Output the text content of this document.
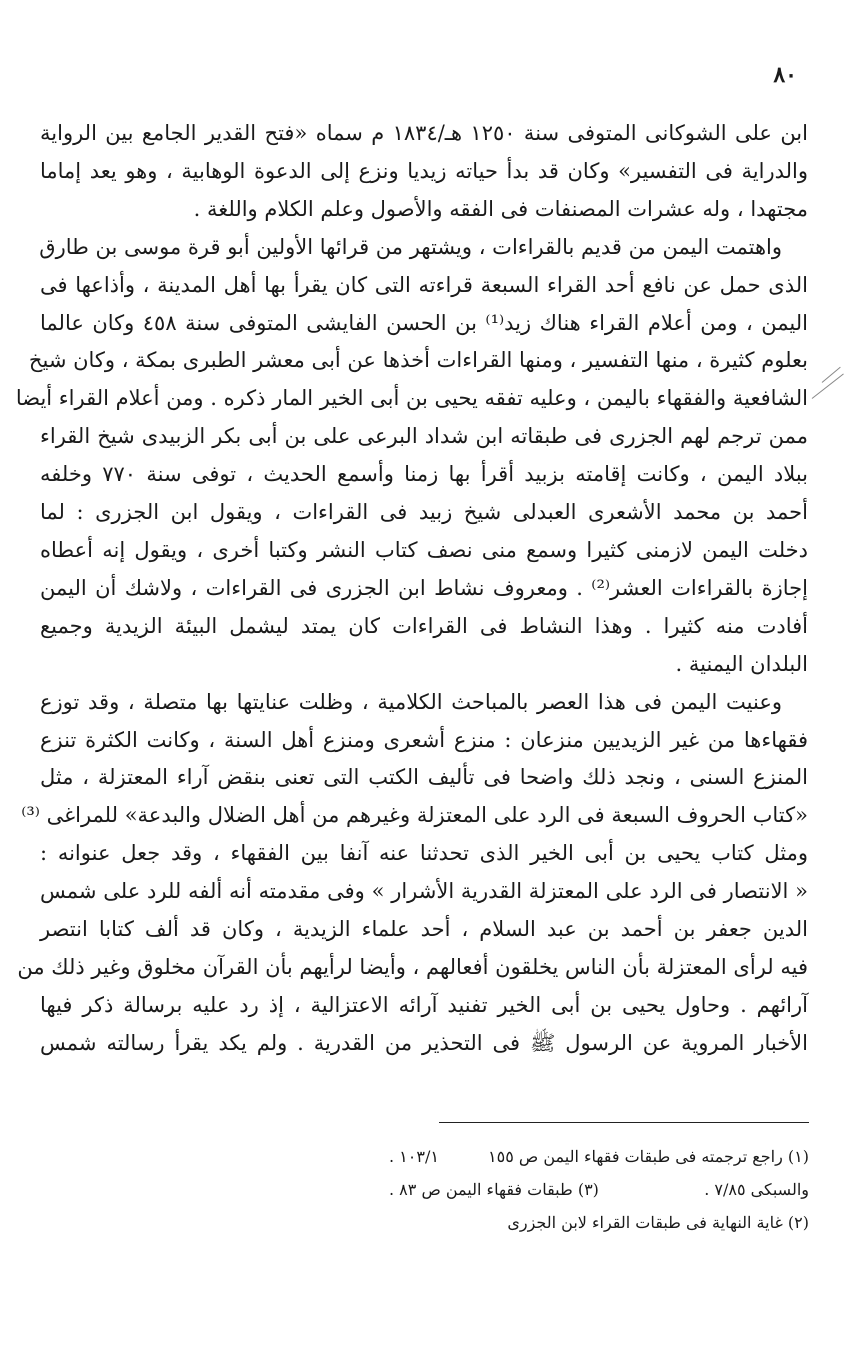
٨٠
ابن على الشوكانى المتوفى سنة ١٢٥٠ هـ/١٨٣٤ م سماه «فتح القدير الجامع بين الرواية
والدراية فى التفسير» وكان قد بدأ حياته زيديا ونزع إلى الدعوة الوهابية ، وهو يعد إماما
مجتهدا ، وله عشرات المصنفات فى الفقه والأصول وعلم الكلام واللغة .
واهتمت اليمن من قديم بالقراءات ، ويشتهر من قرائها الأولين أبو قرة موسى بن طارق
الذى حمل عن نافع أحد القراء السبعة قراءته التى كان يقرأ بها أهل المدينة ، وأذاعها فى
اليمن ، ومن أعلام القراء هناك زيد⁽¹⁾ بن الحسن الفايشى المتوفى سنة ٤٥٨ وكان عالما
بعلوم كثيرة ، منها التفسير ، ومنها القراءات أخذها عن أبى معشر الطبرى بمكة ، وكان شيخ
الشافعية والفقهاء باليمن ، وعليه تفقه يحيى بن أبى الخير المار ذكره . ومن أعلام القراء أيضا
ممن ترجم لهم الجزرى فى طبقاته ابن شداد البرعى على بن أبى بكر الزبيدى شيخ القراء
ببلاد اليمن ، وكانت إقامته بزبيد أقرأ بها زمنا وأسمع الحديث ، توفى سنة ٧٧٠ وخلفه
أحمد بن محمد الأشعرى العبدلى شيخ زبيد فى القراءات ، ويقول ابن الجزرى : لما
دخلت اليمن لازمنى كثيرا وسمع منى نصف كتاب النشر وكتبا أخرى ، ويقول إنه أعطاه
إجازة بالقراءات العشر⁽²⁾ . ومعروف نشاط ابن الجزرى فى القراءات ، ولاشك أن اليمن
أفادت منه كثيرا . وهذا النشاط فى القراءات كان يمتد ليشمل البيئة الزيدية وجميع
البلدان اليمنية .
وعنيت اليمن فى هذا العصر بالمباحث الكلامية ، وظلت عنايتها بها متصلة ، وقد توزع
فقهاءها من غير الزيديين منزعان : منزع أشعرى ومنزع أهل السنة ، وكانت الكثرة تنزع
المنزع السنى ، ونجد ذلك واضحا فى تأليف الكتب التى تعنى بنقض آراء المعتزلة ، مثل
«كتاب الحروف السبعة فى الرد على المعتزلة وغيرهم من أهل الضلال والبدعة» للمراغى ⁽³⁾
ومثل كتاب يحيى بن أبى الخير الذى تحدثنا عنه آنفا بين الفقهاء ، وقد جعل عنوانه :
« الانتصار فى الرد على المعتزلة القدرية الأشرار » وفى مقدمته أنه ألفه للرد على شمس
الدين جعفر بن أحمد بن عبد السلام ، أحد علماء الزيدية ، وكان قد ألف كتابا انتصر
فيه لرأى المعتزلة بأن الناس يخلقون أفعالهم ، وأيضا لرأيهم بأن القرآن مخلوق وغير ذلك من
آرائهم . وحاول يحيى بن أبى الخير تفنيد آرائه الاعتزالية ، إذ رد عليه برسالة ذكر فيها
الأخبار المروية عن الرسول ﷺ فى التحذير من القدرية . ولم يكد يقرأ رسالته شمس
(١) راجع ترجمته فى طبقات فقهاء اليمن ص ١٥٥
١٠٣/١ .
والسبكى ٧/٨٥ .
(٣) طبقات فقهاء اليمن ص ٨٣ .
(٢) غاية النهاية فى طبقات القراء لابن الجزرى
